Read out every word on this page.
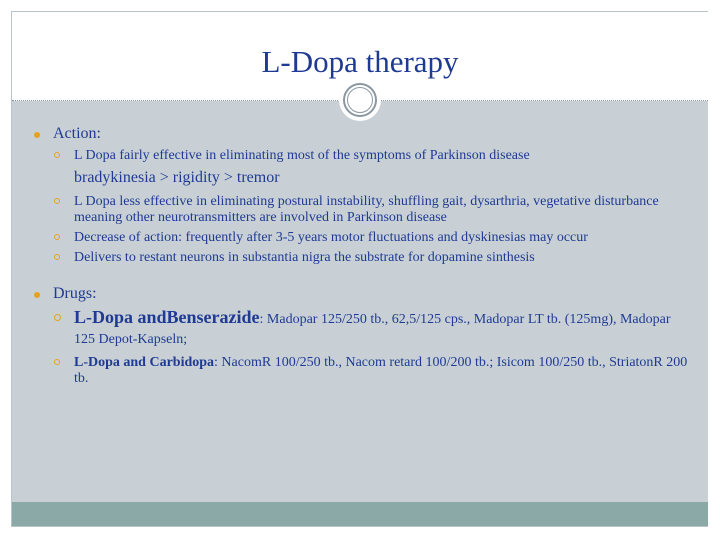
L-Dopa therapy
Action:
L Dopa fairly effective in eliminating most of the symptoms of Parkinson disease
bradykinesia > rigidity > tremor
L Dopa less effective in eliminating postural instability, shuffling gait, dysarthria, vegetative disturbance meaning other neurotransmitters are involved in Parkinson disease
Decrease of action: frequently after 3-5 years motor fluctuations and dyskinesias may occur
Delivers to restant neurons in substantia nigra the substrate for dopamine sinthesis
Drugs:
L-Dopa andBenserazide: Madopar 125/250 tb., 62,5/125 cps., Madopar LT tb. (125mg), Madopar 125 Depot-Kapseln;
L-Dopa and Carbidopa: NacomR 100/250 tb., Nacom retard 100/200 tb.; Isicom 100/250 tb., StriatonR 200 tb.
